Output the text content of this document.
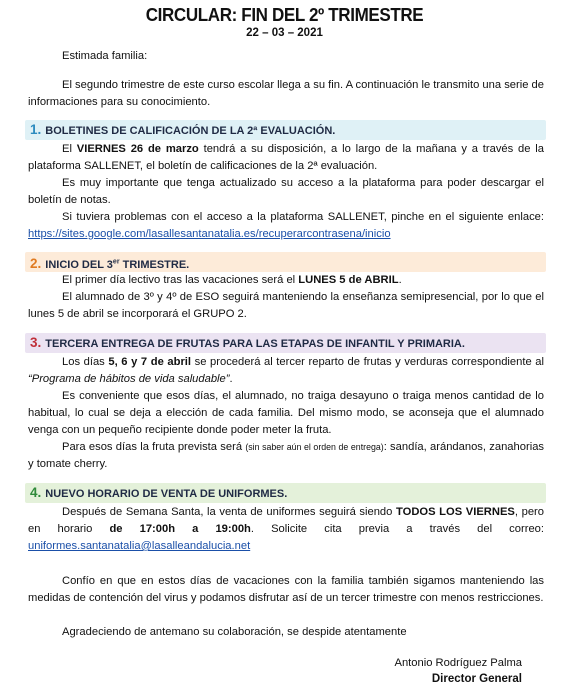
CIRCULAR: FIN DEL 2º TRIMESTRE
22 – 03 – 2021

Estimada familia:

El segundo trimestre de este curso escolar llega a su fin. A continuación le transmito una serie de informaciones para su conocimiento.

1. BOLETINES DE CALIFICACIÓN DE LA 2ª EVALUACIÓN.

El VIERNES 26 de marzo tendrá a su disposición, a lo largo de la mañana y a través de la plataforma SALLENET, el boletín de calificaciones de la 2ª evaluación.

Es muy importante que tenga actualizado su acceso a la plataforma para poder descargar el boletín de notas.

Si tuviera problemas con el acceso a la plataforma SALLENET, pinche en el siguiente enlace: https://sites.google.com/lasallesantanatalia.es/recuperarcontrasena/inicio

2. INICIO DEL 3er TRIMESTRE.

El primer día lectivo tras las vacaciones será el LUNES 5 de ABRIL.

El alumnado de 3º y 4º de ESO seguirá manteniendo la enseñanza semipresencial, por lo que el lunes 5 de abril se incorporará el GRUPO 2.

3. TERCERA ENTREGA DE FRUTAS PARA LAS ETAPAS DE INFANTIL Y PRIMARIA.

Los días 5, 6 y 7 de abril se procederá al tercer reparto de frutas y verduras correspondiente al “Programa de hábitos de vida saludable”.

Es conveniente que esos días, el alumnado, no traiga desayuno o traiga menos cantidad de lo habitual, lo cual se deja a elección de cada familia. Del mismo modo, se aconseja que el alumnado venga con un pequeño recipiente donde poder meter la fruta.

Para esos días la fruta prevista será (sin saber aún el orden de entrega): sandía, arándanos, zanahorias y tomate cherry.

4. NUEVO HORARIO DE VENTA DE UNIFORMES.

Después de Semana Santa, la venta de uniformes seguirá siendo TODOS LOS VIERNES, pero en horario de 17:00h a 19:00h. Solicite cita previa a través del correo: uniformes.santanatalia@lasalleandalucia.net

Confío en que en estos días de vacaciones con la familia también sigamos manteniendo las medidas de contención del virus y podamos disfrutar así de un tercer trimestre con menos restricciones.

Agradeciendo de antemano su colaboración, se despide atentamente

Antonio Rodríguez Palma
Director General
